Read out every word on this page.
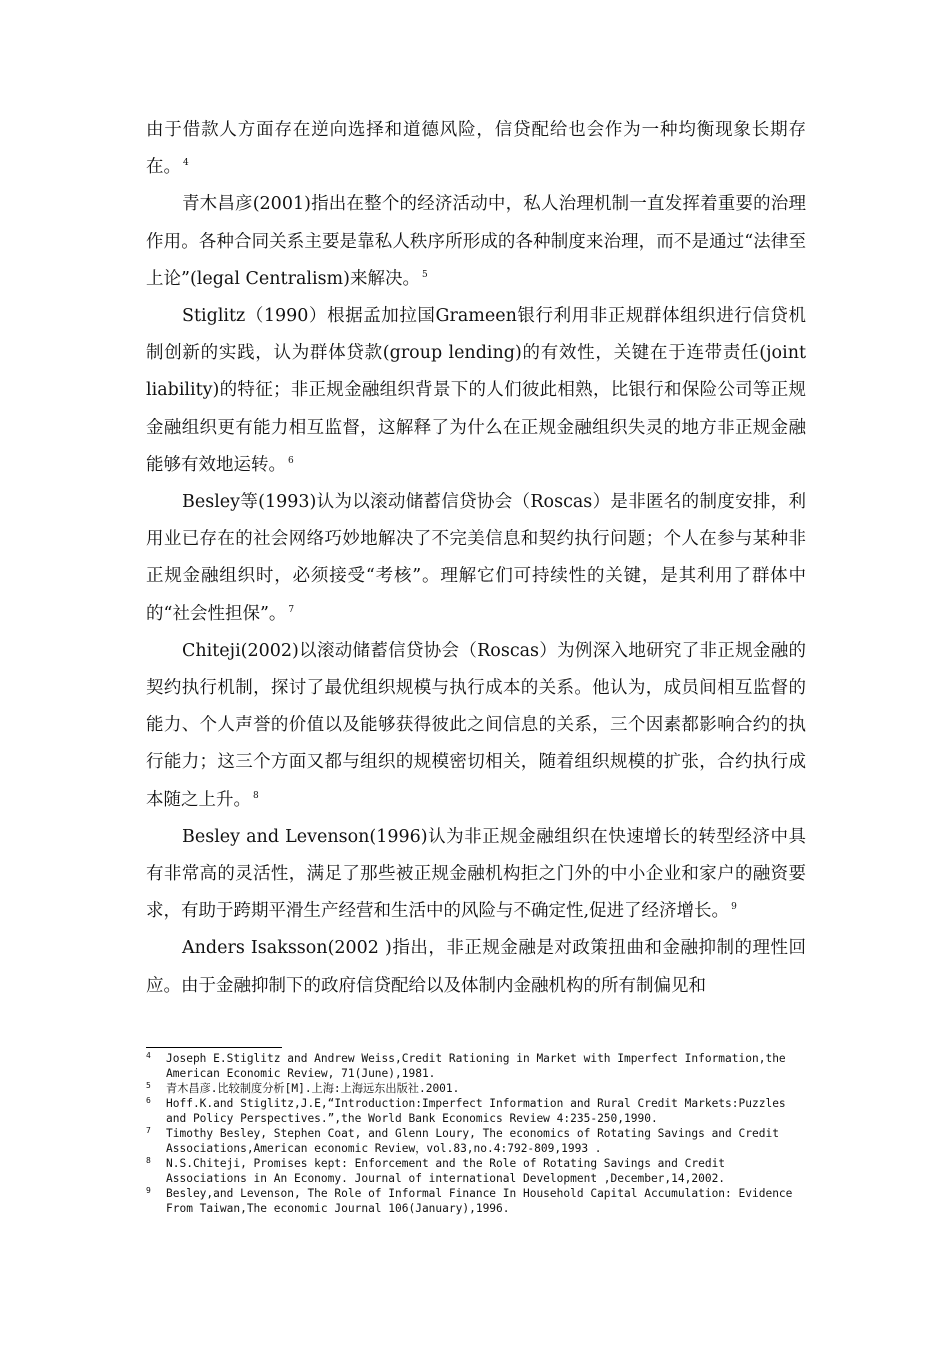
由于借款人方面存在逆向选择和道德风险，信贷配给也会作为一种均衡现象长期存在。 $^4$

青木昌彦(2001)指出在整个的经济活动中，私人治理机制一直发挥着重要的治理作用。各种合同关系主要是靠私人秩序所形成的各种制度来治理，而不是通过“法律至上论”(legal Centralism)来解决。 $^5$

Stiglitz（1990）根据孟加拉国Grameen银行利用非正规群体组织进行信贷机制创新的实践，认为群体贷款(group lending)的有效性，关键在于连带责任(joint liability)的特征；非正规金融组织背景下的人们彼此相熟，比银行和保险公司等正规金融组织更有能力相互监督，这解释了为什么在正规金融组织失灵的地方非正规金融能够有效地运转。 $^6$

Besley等(1993)认为以滚动储蓄信贷协会（Roscas）是非匿名的制度安排，利用业已存在的社会网络巧妙地解决了不完美信息和契约执行问题；个人在参与某种非正规金融组织时，必须接受“考核”。理解它们可持续性的关键，是其利用了群体中的“社会性担保”。 $^7$

Chiteji(2002)以滚动储蓄信贷协会（Roscas）为例深入地研究了非正规金融的契约执行机制，探讨了最优组织规模与执行成本的关系。他认为，成员间相互监督的能力、个人声誉的价值以及能够获得彼此之间信息的关系，三个因素都影响合约的执行能力；这三个方面又都与组织的规模密切相关，随着组织规模的扩张，合约执行成本随之上升。 $^8$

Besley and Levenson(1996)认为非正规金融组织在快速增长的转型经济中具有非常高的灵活性，满足了那些被正规金融机构拒之门外的中小企业和家户的融资要求，有助于跨期平滑生产经营和生活中的风险与不确定性,促进了经济增长。 $^9$

Anders Isaksson(2002 )指出，非正规金融是对政策扭曲和金融抑制的理性回应。由于金融抑制下的政府信贷配给以及体制内金融机构的所有制偏见和

4 Joseph E.Stiglitz and Andrew Weiss,Credit Rationing in Market with Imperfect Information,the American Economic Review, 71(June),1981.

5 青木昌彦.比较制度分析[M].上海:上海远东出版社.2001.

6 Hoff.K.and Stiglitz,J.E,“Introduction:Imperfect Information and Rural Credit Markets:Puzzles and Policy Perspectives.”,the World Bank Economics Review 4:235-250,1990.

7 Timothy Besley, Stephen Coat, and Glenn Loury, The economics of Rotating Savings and Credit Associations,American economic Review，vol.83,no.4:792-809,1993 .

8 N.S.Chiteji, Promises kept: Enforcement and the Role of Rotating Savings and Credit Associations in An Economy. Journal of international Development ,December,14,2002.

9 Besley,and Levenson, The Role of Informal Finance In Household Capital Accumulation: Evidence From Taiwan,The economic Journal 106(January),1996.
